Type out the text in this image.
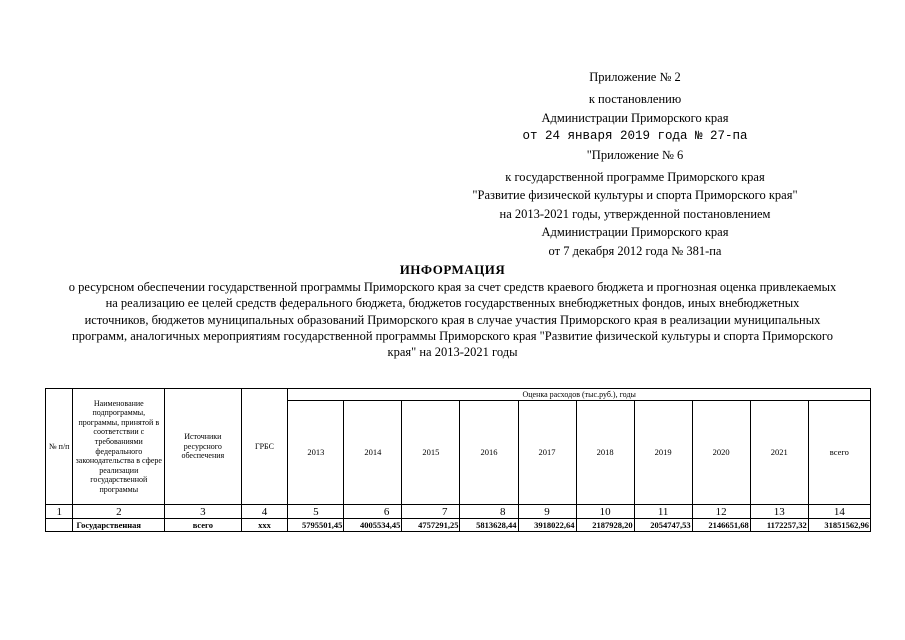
Приложение № 2
к постановлению
Администрации Приморского края
от 24 января 2019 года № 27-па
"Приложение № 6
к государственной программе Приморского края
"Развитие физической культуры и спорта Приморского края"
на 2013-2021 годы, утвержденной постановлением
Администрации Приморского края
от 7 декабря 2012 года № 381-па
ИНФОРМАЦИЯ
о ресурсном обеспечении государственной программы Приморского края за счет средств краевого бюджета и прогнозная оценка привлекаемых
на реализацию ее целей средств федерального бюджета, бюджетов государственных внебюджетных фондов, иных внебюджетных
источников, бюджетов муниципальных образований Приморского края в случае участия Приморского края в реализации муниципальных
программ, аналогичных мероприятиям государственной программы Приморского края "Развитие физической культуры и спорта Приморского
края" на 2013-2021 годы
№ п/п	Наименование подпрограммы, программы, принятой в соответствии с требованиями федерального законодательства в сфере реализации государственной программы	Источники ресурсного обеспечения	ГРБС	Оценка расходов (тыс.руб.), годы									
				2013	2014	2015	2016	2017	2018	2019	2020	2021	всего
1	2	3	4	5	6	7	8	9	10	11	12	13	14
	Государственная	всего	ххх	5795501,45	4005534,45	4757291,25	5813628,44	3918022,64	2187928,20	2054747,53	2146651,68	1172257,32	31851562,96
